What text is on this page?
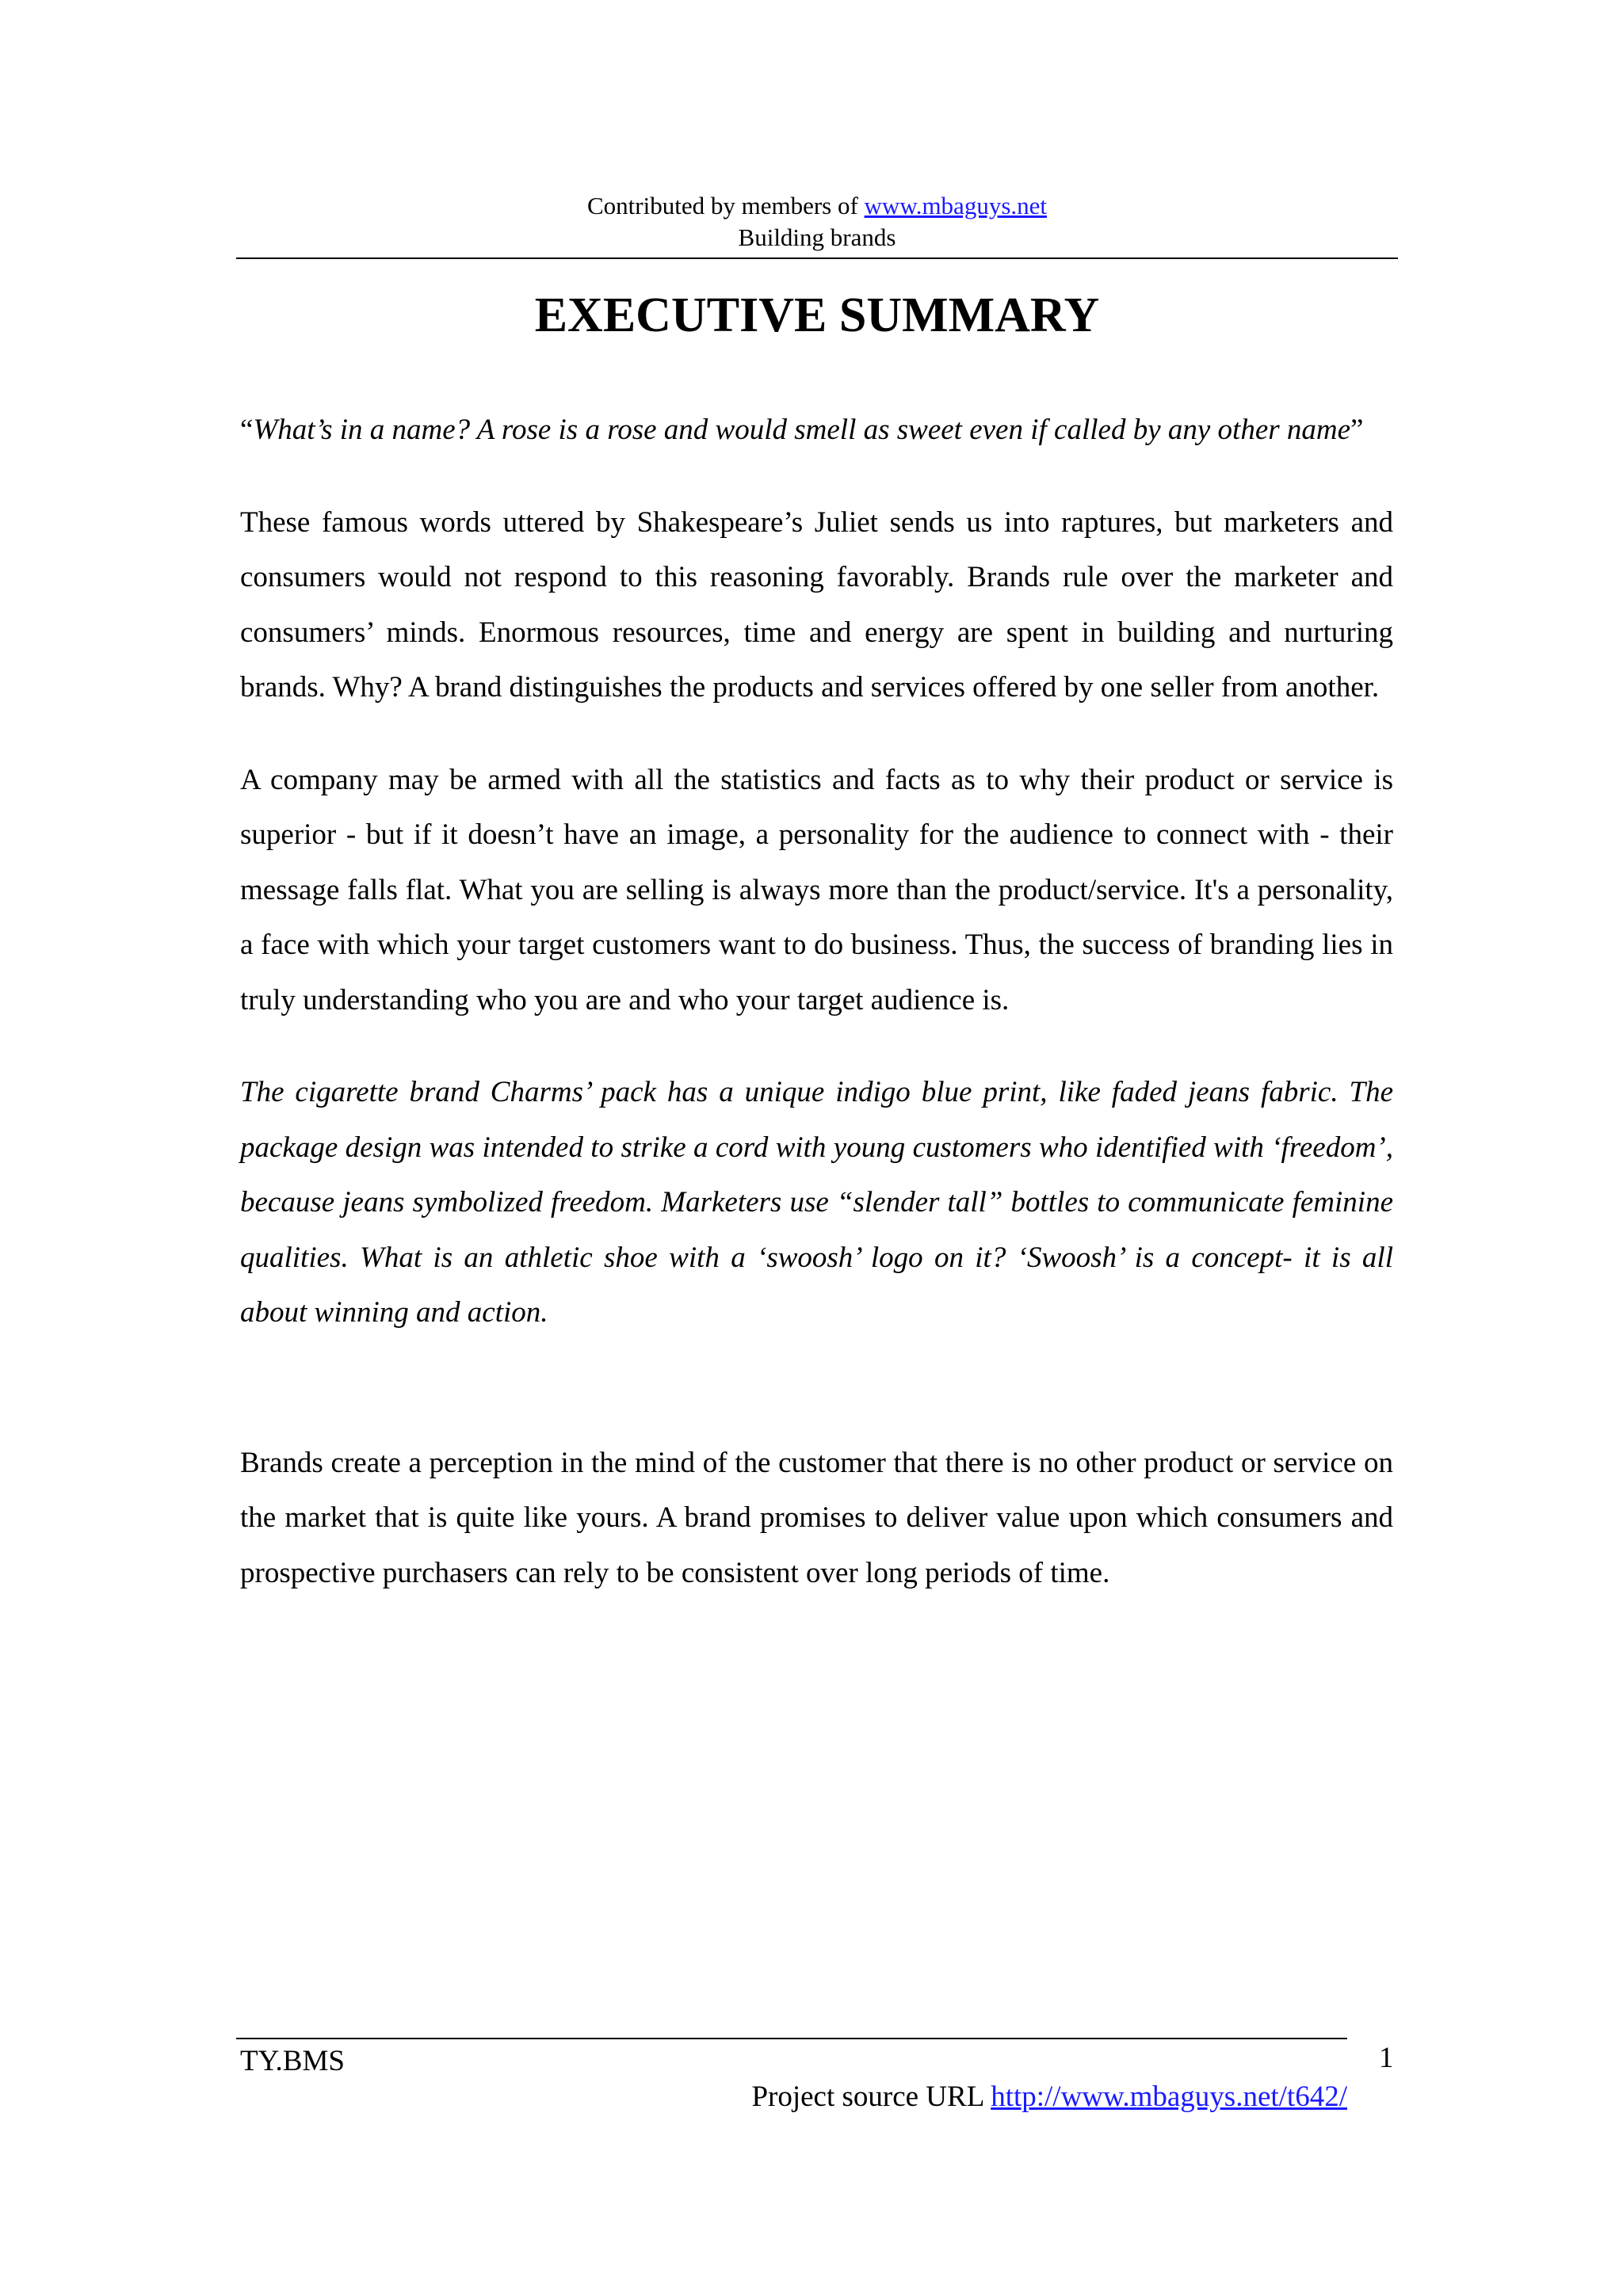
Contributed by members of www.mbaguys.net
Building brands
EXECUTIVE SUMMARY

“What’s in a name? A rose is a rose and would smell as sweet even if called by any other name”

These famous words uttered by Shakespeare’s Juliet sends us into raptures, but marketers and consumers would not respond to this reasoning favorably. Brands rule over the marketer and consumers’ minds. Enormous resources, time and energy are spent in building and nurturing brands. Why? A brand distinguishes the products and services offered by one seller from another.

A company may be armed with all the statistics and facts as to why their product or service is superior - but if it doesn’t have an image, a personality for the audience to connect with - their message falls flat. What you are selling is always more than the product/service. It's a personality, a face with which your target customers want to do business. Thus, the success of branding lies in truly understanding who you are and who your target audience is.

The cigarette brand Charms’ pack has a unique indigo blue print, like faded jeans fabric. The package design was intended to strike a cord with young customers who identified with ‘freedom’, because jeans symbolized freedom. Marketers use “slender tall” bottles to communicate feminine qualities. What is an athletic shoe with a ‘swoosh’ logo on it? ‘Swoosh’ is a concept- it is all about winning and action.

Brands create a perception in the mind of the customer that there is no other product or service on the market that is quite like yours. A brand promises to deliver value upon which consumers and prospective purchasers can rely to be consistent over long periods of time.

TY.BMS	1
Project source URL http://www.mbaguys.net/t642/
